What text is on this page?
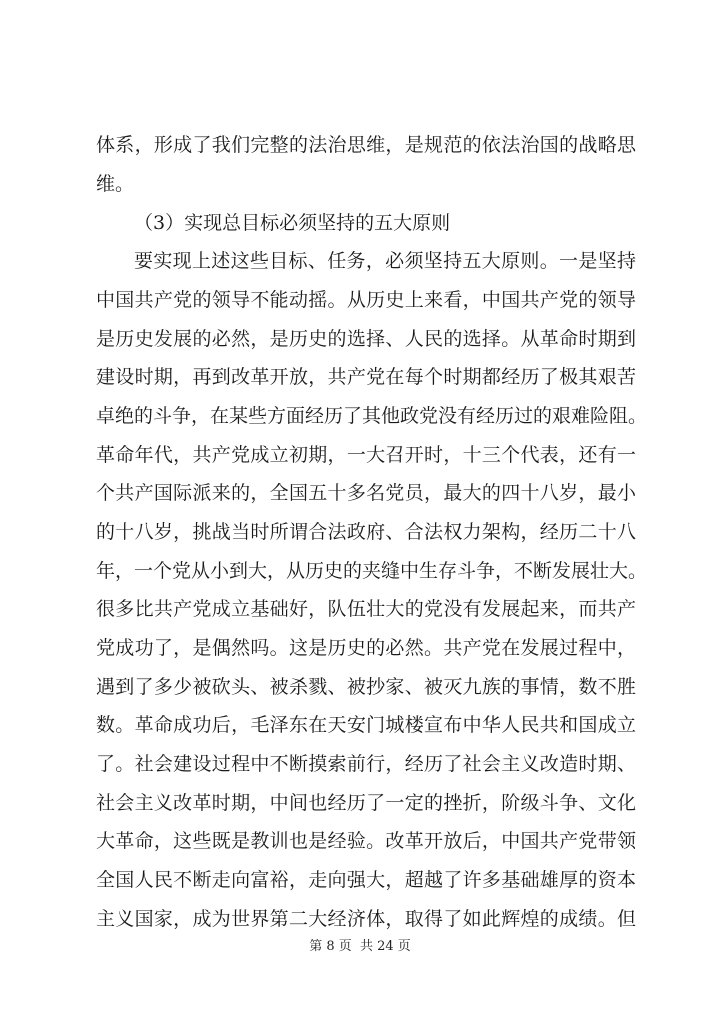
体系，形成了我们完整的法治思维，是规范的依法治国的战略思
维。
（3）实现总目标必须坚持的五大原则
要实现上述这些目标、任务，必须坚持五大原则。一是坚持
中国共产党的领导不能动摇。从历史上来看，中国共产党的领导
是历史发展的必然，是历史的选择、人民的选择。从革命时期到
建设时期，再到改革开放，共产党在每个时期都经历了极其艰苦
卓绝的斗争，在某些方面经历了其他政党没有经历过的艰难险阻。
革命年代，共产党成立初期，一大召开时，十三个代表，还有一
个共产国际派来的，全国五十多名党员，最大的四十八岁，最小
的十八岁，挑战当时所谓合法政府、合法权力架构，经历二十八
年，一个党从小到大，从历史的夹缝中生存斗争，不断发展壮大。
很多比共产党成立基础好，队伍壮大的党没有发展起来，而共产
党成功了，是偶然吗。这是历史的必然。共产党在发展过程中，
遇到了多少被砍头、被杀戮、被抄家、被灭九族的事情，数不胜
数。革命成功后，毛泽东在天安门城楼宣布中华人民共和国成立
了。社会建设过程中不断摸索前行，经历了社会主义改造时期、
社会主义改革时期，中间也经历了一定的挫折，阶级斗争、文化
大革命，这些既是教训也是经验。改革开放后，中国共产党带领
全国人民不断走向富裕，走向强大，超越了许多基础雄厚的资本
主义国家，成为世界第二大经济体，取得了如此辉煌的成绩。但
第 8 页 共 24 页
